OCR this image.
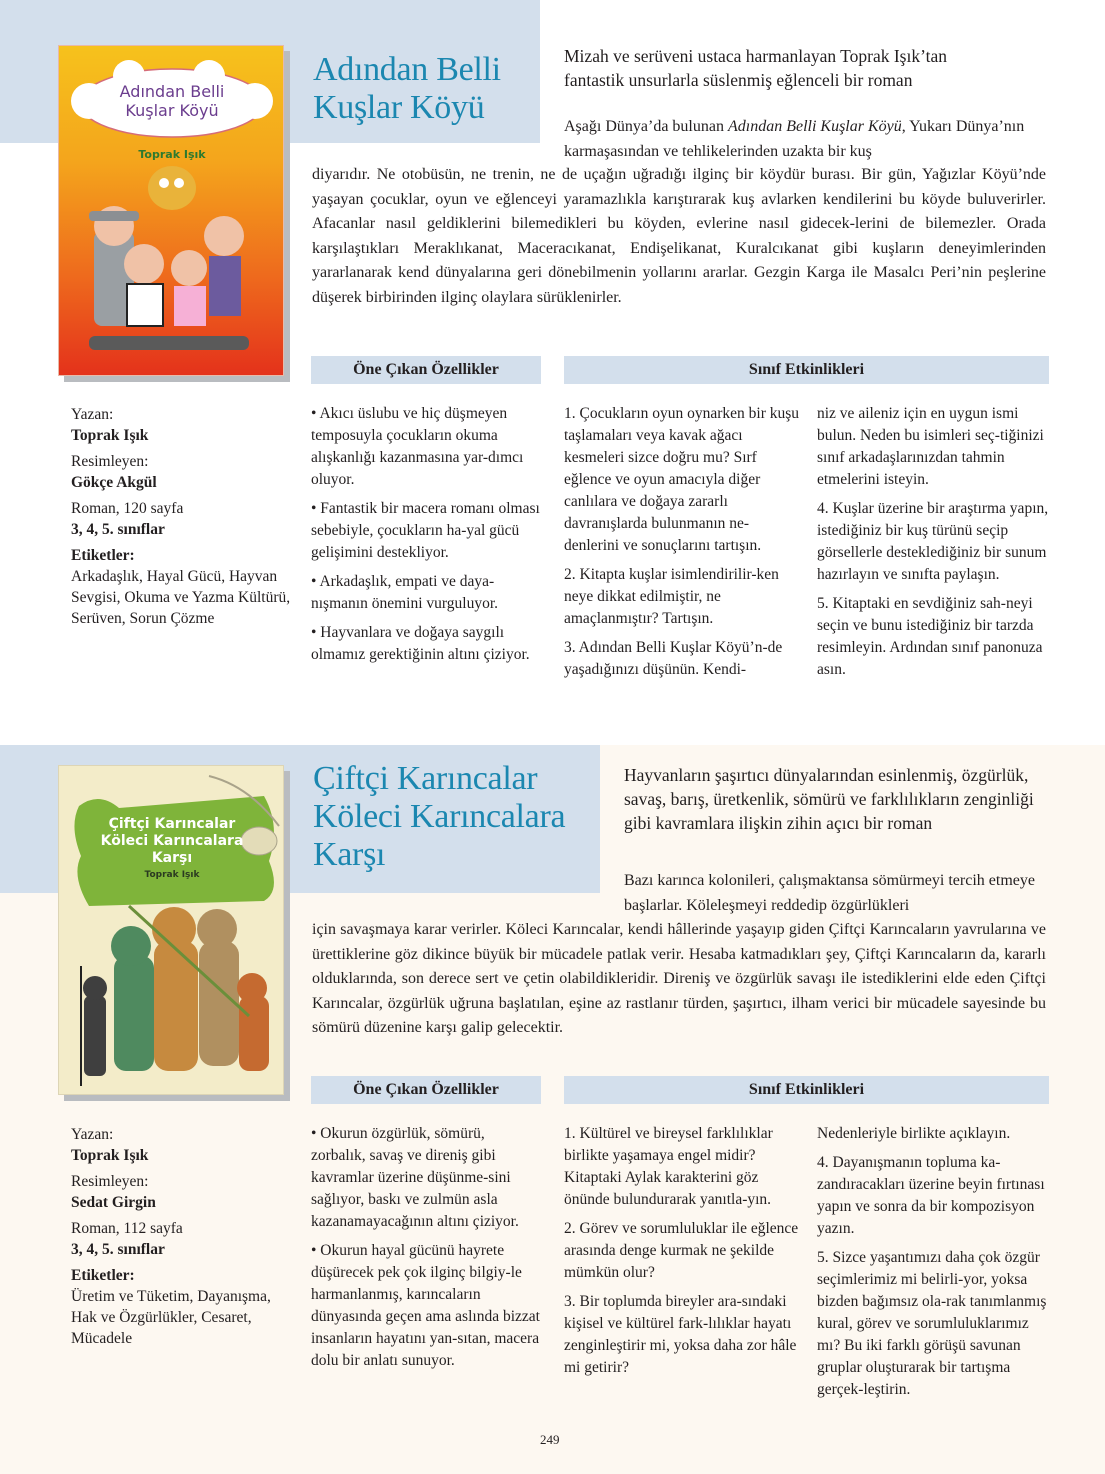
Adından Belli
Kuşlar Köyü
Toprak Işık
Adından Belli
Kuşlar Köyü
Mizah ve serüveni ustaca harmanlayan Toprak Işık’tan
fantastik unsurlarla süslenmiş eğlenceli bir roman
Aşağı Dünya’da bulunan Adından Belli Kuşlar Köyü, Yukarı Dünya’nın karmaşasından ve tehlikelerinden uzakta bir kuş
diyarıdır. Ne otobüsün, ne trenin, ne de uçağın uğradığı ilginç bir köydür burası. Bir gün, Yağızlar Köyü’nde yaşayan çocuklar, oyun ve eğlenceyi yaramazlıkla karıştırarak kuş avlarken kendilerini bu köyde buluverirler. Afacanlar nasıl geldiklerini bilemedikleri bu köyden, evlerine nasıl gidecek-lerini de bilemezler. Orada karşılaştıkları Meraklıkanat, Maceracıkanat, Endişelikanat, Kuralcıkanat gibi kuşların deneyimlerinden yararlanarak kend dünyalarına geri dönebilmenin yollarını ararlar. Gezgin Karga ile Masalcı Peri’nin peşlerine düşerek birbirinden ilginç olaylara sürüklenirler.
Öne Çıkan Özellikler	Sınıf Etkinlikleri
Yazan:
Toprak Işık
Resimleyen:
Gökçe Akgül
Roman, 120 sayfa
3, 4, 5. sınıflar
Etiketler:
Arkadaşlık, Hayal Gücü, Hayvan Sevgisi, Okuma ve Yazma Kültürü, Serüven, Sorun Çözme

• Akıcı üslubu ve hiç düşmeyen temposuyla çocukların okuma alışkanlığı kazanmasına yar-dımcı oluyor.

• Fantastik bir macera romanı olması sebebiyle, çocukların ha-yal gücü gelişimini destekliyor.

• Arkadaşlık, empati ve daya-nışmanın önemini vurguluyor.

• Hayvanlara ve doğaya saygılı olmamız gerektiğinin altını çiziyor.

1. Çocukların oyun oynarken bir kuşu taşlamaları veya kavak ağacı kesmeleri sizce doğru mu? Sırf eğlence ve oyun amacıyla diğer canlılara ve doğaya zararlı davranışlarda bulunmanın ne-denlerini ve sonuçlarını tartışın.

2. Kitapta kuşlar isimlendirilir-ken neye dikkat edilmiştir, ne amaçlanmıştır? Tartışın.

3. Adından Belli Kuşlar Köyü’n-de yaşadığınızı düşünün. Kendi-

niz ve aileniz için en uygun ismi bulun. Neden bu isimleri seç-tiğinizi sınıf arkadaşlarınızdan tahmin etmelerini isteyin.

4. Kuşlar üzerine bir araştırma yapın, istediğiniz bir kuş türünü seçip görsellerle desteklediğiniz bir sunum hazırlayın ve sınıfta paylaşın.

5. Kitaptaki en sevdiğiniz sah-neyi seçin ve bunu istediğiniz bir tarzda resimleyin. Ardından sınıf panonuza asın.

Çiftçi Karıncalar
Köleci Karıncalara
Karşı
Toprak Işık
Çiftçi Karıncalar
Köleci Karıncalara
Karşı
Hayvanların şaşırtıcı dünyalarından esinlenmiş, özgürlük, savaş, barış, üretkenlik, sömürü ve farklılıkların zenginliği gibi kavramlara ilişkin zihin açıcı bir roman
Bazı karınca kolonileri, çalışmaktansa sömürmeyi tercih etmeye başlarlar. Köleleşmeyi reddedip özgürlükleri
için savaşmaya karar verirler. Köleci Karıncalar, kendi hâllerinde yaşayıp giden Çiftçi Karıncaların yavrularına ve ürettiklerine göz dikince büyük bir mücadele patlak verir. Hesaba katmadıkları şey, Çiftçi Karıncaların da, kararlı olduklarında, son derece sert ve çetin olabildikleridir. Direniş ve özgürlük savaşı ile istediklerini elde eden Çiftçi Karıncalar, özgürlük uğruna başlatılan, eşine az rastlanır türden, şaşırtıcı, ilham verici bir mücadele sayesinde bu sömürü düzenine karşı galip gelecektir.
Öne Çıkan Özellikler	Sınıf Etkinlikleri
Yazan:
Toprak Işık
Resimleyen:
Sedat Girgin
Roman, 112 sayfa
3, 4, 5. sınıflar
Etiketler:
Üretim ve Tüketim, Dayanışma, Hak ve Özgürlükler, Cesaret, Mücadele

• Okurun özgürlük, sömürü, zorbalık, savaş ve direniş gibi kavramlar üzerine düşünme-sini sağlıyor, baskı ve zulmün asla kazanamayacağının altını çiziyor.

• Okurun hayal gücünü hayrete düşürecek pek çok ilginç bilgiy-le harmanlanmış, karıncaların dünyasında geçen ama aslında bizzat insanların hayatını yan-sıtan, macera dolu bir anlatı sunuyor.

1. Kültürel ve bireysel farklılıklar birlikte yaşamaya engel midir? Kitaptaki Aylak karakterini göz önünde bulundurarak yanıtla-yın.

2. Görev ve sorumluluklar ile eğlence arasında denge kurmak ne şekilde mümkün olur?

3. Bir toplumda bireyler ara-sındaki kişisel ve kültürel fark-lılıklar hayatı zenginleştirir mi, yoksa daha zor hâle mi getirir?

Nedenleriyle birlikte açıklayın.

4. Dayanışmanın topluma ka-zandıracakları üzerine beyin fırtınası yapın ve sonra da bir kompozisyon yazın.

5. Sizce yaşantımızı daha çok özgür seçimlerimiz mi belirli-yor, yoksa bizden bağımsız ola-rak tanımlanmış kural, görev ve sorumluluklarımız mı? Bu iki farklı görüşü savunan gruplar oluşturarak bir tartışma gerçek-leştirin.

249
